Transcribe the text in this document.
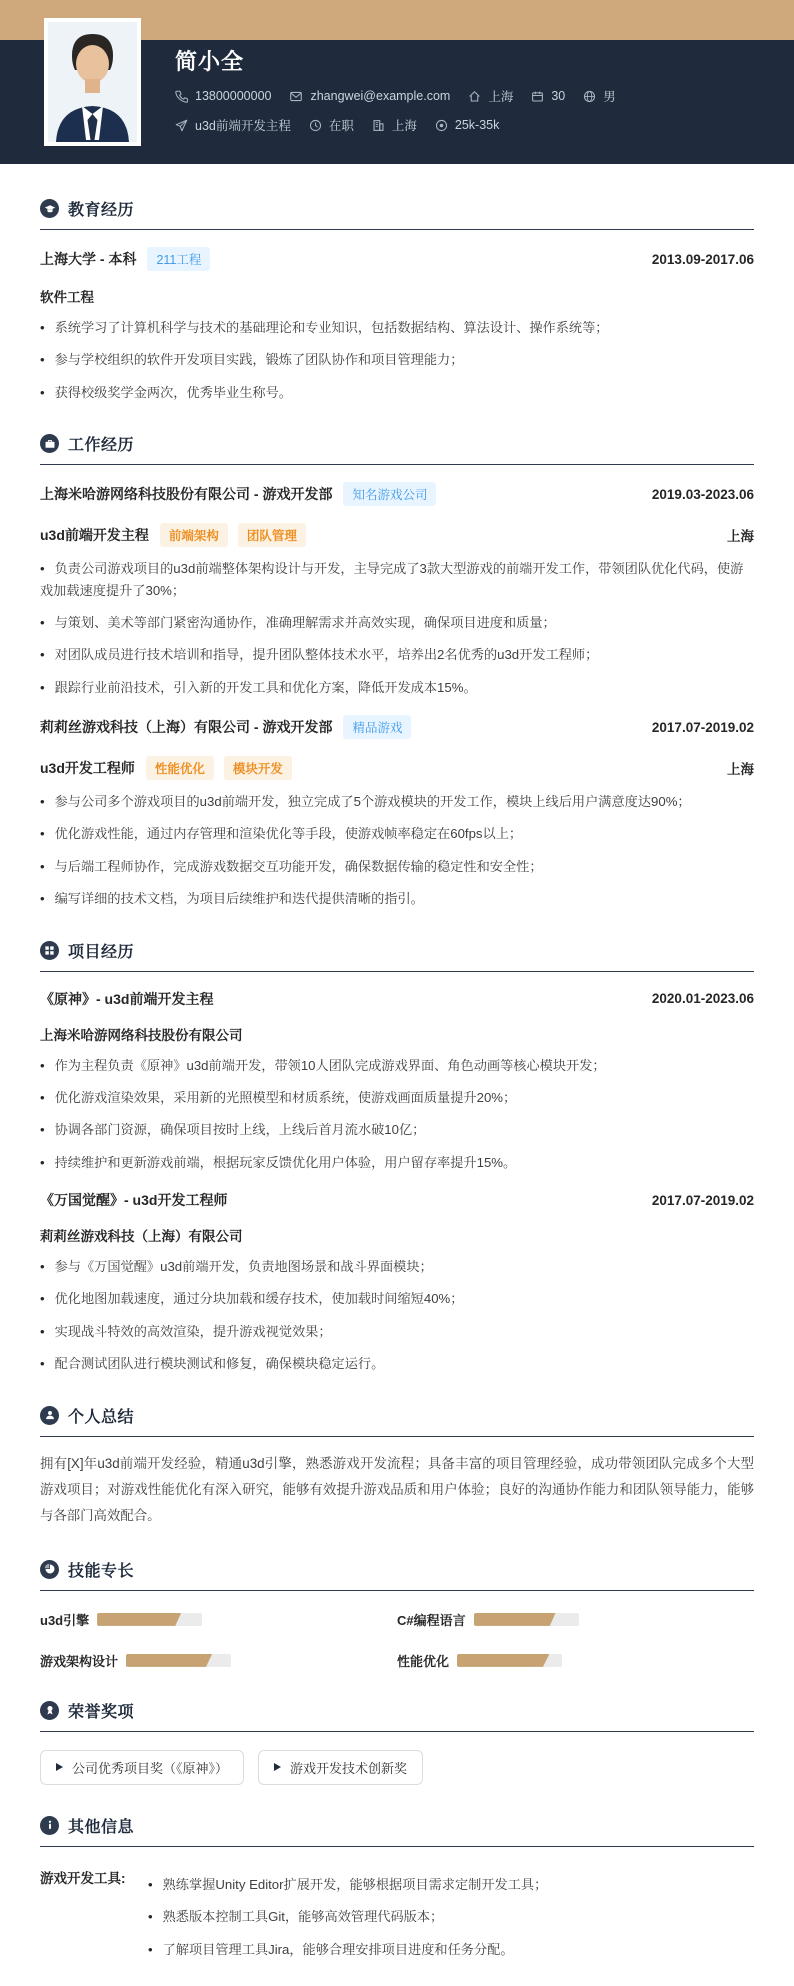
简小全
13800000000	zhangwei@example.com	上海	30	男
u3d前端开发主程	在职	上海	25k-35k
教育经历
上海大学 - 本科	211工程	2013.09-2017.06
软件工程
• 系统学习了计算机科学与技术的基础理论和专业知识，包括数据结构、算法设计、操作系统等；
• 参与学校组织的软件开发项目实践，锻炼了团队协作和项目管理能力；
• 获得校级奖学金两次，优秀毕业生称号。
工作经历
上海米哈游网络科技股份有限公司 - 游戏开发部	知名游戏公司	2019.03-2023.06
u3d前端开发主程	前端架构	团队管理	上海
• 负责公司游戏项目的u3d前端整体架构设计与开发，主导完成了3款大型游戏的前端开发工作，带领团队优化代码，使游戏加载速度提升了30%；
• 与策划、美术等部门紧密沟通协作，准确理解需求并高效实现，确保项目进度和质量；
• 对团队成员进行技术培训和指导，提升团队整体技术水平，培养出2名优秀的u3d开发工程师；
• 跟踪行业前沿技术，引入新的开发工具和优化方案，降低开发成本15%。
莉莉丝游戏科技（上海）有限公司 - 游戏开发部	精品游戏	2017.07-2019.02
u3d开发工程师	性能优化	模块开发	上海
• 参与公司多个游戏项目的u3d前端开发，独立完成了5个游戏模块的开发工作，模块上线后用户满意度达90%；
• 优化游戏性能，通过内存管理和渲染优化等手段，使游戏帧率稳定在60fps以上；
• 与后端工程师协作，完成游戏数据交互功能开发，确保数据传输的稳定性和安全性；
• 编写详细的技术文档，为项目后续维护和迭代提供清晰的指引。
项目经历
《原神》- u3d前端开发主程	2020.01-2023.06
上海米哈游网络科技股份有限公司
• 作为主程负责《原神》u3d前端开发，带领10人团队完成游戏界面、角色动画等核心模块开发；
• 优化游戏渲染效果，采用新的光照模型和材质系统，使游戏画面质量提升20%；
• 协调各部门资源，确保项目按时上线，上线后首月流水破10亿；
• 持续维护和更新游戏前端，根据玩家反馈优化用户体验，用户留存率提升15%。
《万国觉醒》- u3d开发工程师	2017.07-2019.02
莉莉丝游戏科技（上海）有限公司
• 参与《万国觉醒》u3d前端开发，负责地图场景和战斗界面模块；
• 优化地图加载速度，通过分块加载和缓存技术，使加载时间缩短40%；
• 实现战斗特效的高效渲染，提升游戏视觉效果；
• 配合测试团队进行模块测试和修复，确保模块稳定运行。
个人总结

拥有[X]年u3d前端开发经验，精通u3d引擎，熟悉游戏开发流程；具备丰富的项目管理经验，成功带领团队完成多个大型游戏项目；对游戏性能优化有深入研究，能够有效提升游戏品质和用户体验；良好的沟通协作能力和团队领导能力，能够与各部门高效配合。

技能专长
u3d引擎	C#编程语言
游戏架构设计	性能优化
荣誉奖项
公司优秀项目奖（《原神》）	游戏开发技术创新奖
其他信息
游戏开发工具: •	熟练掌握Unity Editor扩展开发，能够根据项目需求定制开发工具；
• 熟悉版本控制工具Git，能够高效管理代码版本；
• 了解项目管理工具Jira，能够合理安排项目进度和任务分配。
